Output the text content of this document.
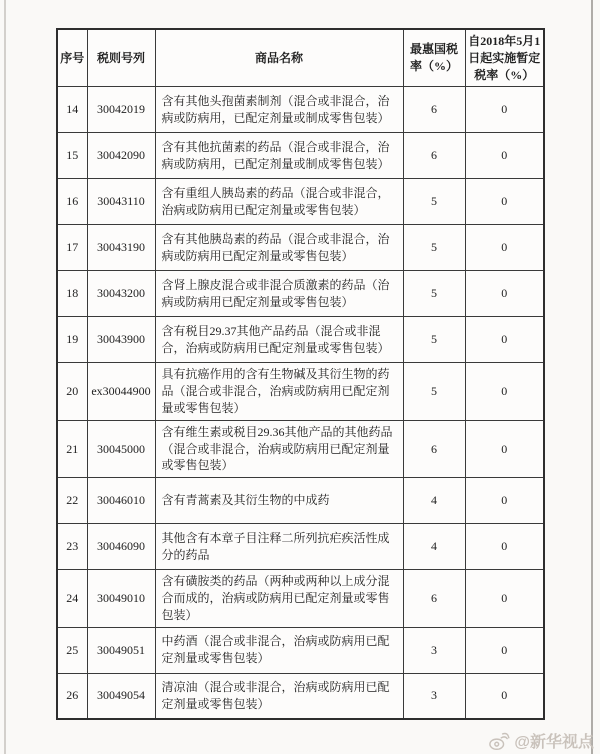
序号	税则号列	商品名称	最惠国税率（%）	自2018年5月1日起实施暂定税率（%）
14	30042019	含有其他头孢菌素制剂（混合或非混合，治病或防病用，已配定剂量或制成零售包装）	6	0
15	30042090	含有其他抗菌素的药品（混合或非混合，治病或防病用，已配定剂量或制成零售包装）	6	0
16	30043110	含有重组人胰岛素的药品（混合或非混合，治病或防病用已配定剂量或零售包装）	5	0
17	30043190	含有其他胰岛素的药品（混合或非混合，治病或防病用已配定剂量或零售包装）	5	0
18	30043200	含肾上腺皮混合或非混合质激素的药品（治病或防病用已配定剂量或零售包装）	5	0
19	30043900	含有税目29.37其他产品药品（混合或非混合，治病或防病用已配定剂量或零售包装）	5	0
20	ex30044900	具有抗癌作用的含有生物碱及其衍生物的药品（混合或非混合，治病或防病用已配定剂量或零售包装）	5	0
21	30045000	含有维生素或税目29.36其他产品的其他药品（混合或非混合，治病或防病用已配定剂量或零售包装）	6	0
22	30046010	含有青蒿素及其衍生物的中成药	4	0
23	30046090	其他含有本章子目注释二所列抗疟疾活性成分的药品	4	0
24	30049010	含有磺胺类的药品（两种或两种以上成分混合而成的，治病或防病用已配定剂量或零售包装）	6	0
25	30049051	中药酒（混合或非混合，治病或防病用已配定剂量或零售包装）	3	0
26	30049054	清凉油（混合或非混合，治病或防病用已配定剂量或零售包装）	3	0
@新华视点
